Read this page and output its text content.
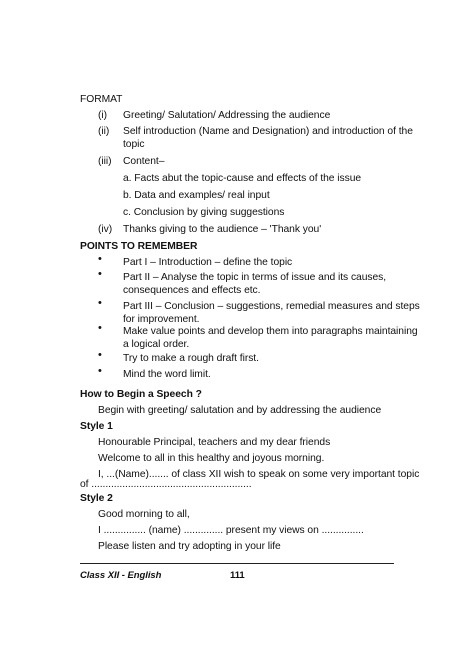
FORMAT
(i) Greeting/ Salutation/ Addressing the audience
(ii) Self introduction (Name and Designation) and introduction of the
topic
(iii) Content–
a. Facts abut the topic-cause and effects of the issue
b. Data and examples/ real input
c. Conclusion by giving suggestions
(iv) Thanks giving to the audience – 'Thank you'
POINTS TO REMEMBER
• Part I – Introduction – define the topic
• Part II – Analyse the topic in terms of issue and its causes,
consequences and effects etc.
• Part III – Conclusion – suggestions, remedial measures and steps
for improvement.
• Make value points and develop them into paragraphs maintaining
a logical order.
• Try to make a rough draft first.
• Mind the word limit.
How to Begin a Speech ?
Begin with greeting/ salutation and by addressing the audience
Style 1
Honourable Principal, teachers and my dear friends
Welcome to all in this healthy and joyous morning.
I, ...(Name)....... of class XII wish to speak on some very important topic
of .........................................................
Style 2
Good morning to all,
I ............... (name) .............. present my views on ...............
Please listen and try adopting in your life
Class XII - English	111
